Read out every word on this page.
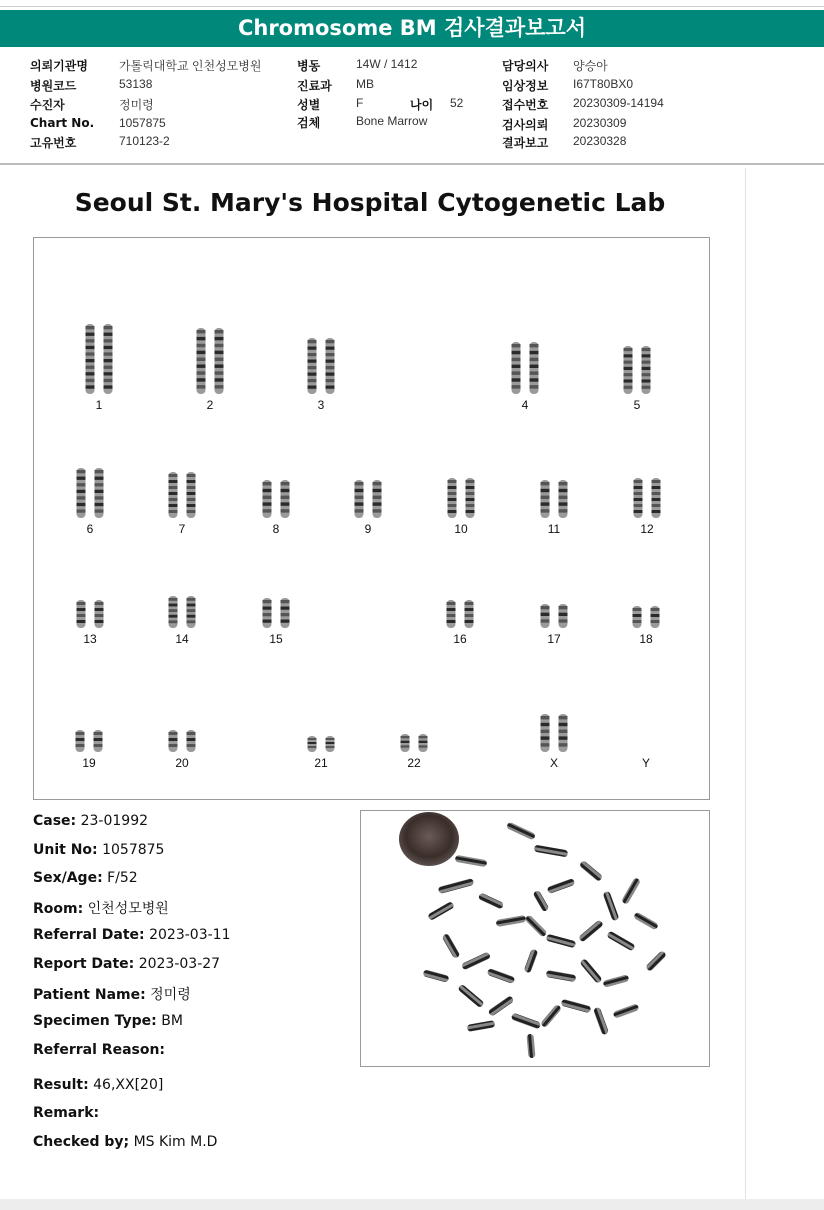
Chromosome BM 검사결과보고서
의뢰기관명	가톨릭대학교 인천성모병원
병원코드	53138
수진자	정미령
Chart No. 1057875
고유번호	710123-2
병동	14W / 1412
진료과 MB
성별	F	나이 52
검체	Bone Marrow
담당의사 양승아
임상정보 I67T80BX0
접수번호 20230309-14194
검사의뢰 20230309
결과보고 20230328
Seoul St. Mary's Hospital Cytogenetic Lab
1	2	3	4	5
6	7	8	9	10	11	12
13	14	15	16	17	18
19	20	21	22	X	Y
Case: 23-01992
Unit No: 1057875
Sex/Age: F/52
Room: 인천성모병원
Referral Date: 2023-03-11
Report Date: 2023-03-27
Patient Name: 정미령
Specimen Type: BM
Referral Reason:
Result: 46,XX[20]
Remark:
Checked by; MS Kim M.D
